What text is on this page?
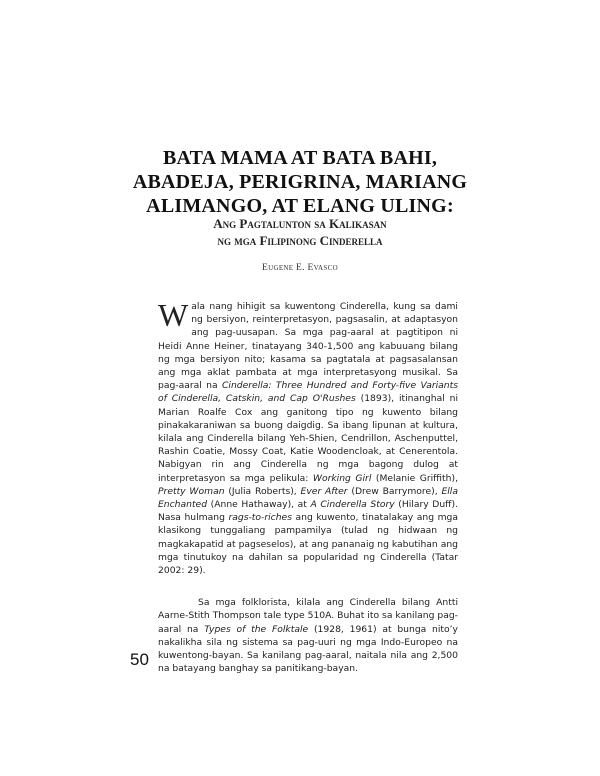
BATA MAMA AT BATA BAHI,
ABADEJA, PERIGRINA, MARIANG
ALIMANGO, AT ELANG ULING:
Ang Pagtalunton sa Kalikasan
ng mga Filipinong Cinderella
Eugene E. Evasco

Wala nang hihigit sa kuwentong Cinderella, kung sa dami ng bersiyon, reinterpretasyon, pagsasalin, at adaptasyon ang pag-uusapan. Sa mga pag-aaral at pagtitipon ni Heidi Anne Heiner, tinatayang 340-1,500 ang kabuuang bilang ng mga bersiyon nito; kasama sa pagtatala at pagsasalansan ang mga aklat pambata at mga interpretasyong musikal. Sa pag-aaral na Cinderella: Three Hundred and Forty-five Variants of Cinderella, Catskin, and Cap O'Rushes (1893), itinanghal ni Marian Roalfe Cox ang ganitong tipo ng kuwento bilang pinakakaraniwan sa buong daigdig. Sa ibang lipunan at kultura, kilala ang Cinderella bilang Yeh-Shien, Cendrillon, Aschenputtel, Rashin Coatie, Mossy Coat, Katie Woodencloak, at Cenerentola. Nabigyan rin ang Cinderella ng mga bagong dulog at interpretasyon sa mga pelikula: Working Girl (Melanie Griffith), Pretty Woman (Julia Roberts), Ever After (Drew Barrymore), Ella Enchanted (Anne Hathaway), at A Cinderella Story (Hilary Duff). Nasa hulmang rags-to-riches ang kuwento, tinatalakay ang mga klasikong tunggaliang pampamilya (tulad ng hidwaan ng magkakapatid at pagseselos), at ang pananaig ng kabutihan ang mga tinutukoy na dahilan sa popularidad ng Cinderella (Tatar 2002: 29).

Sa mga folklorista, kilala ang Cinderella bilang Antti Aarne-Stith Thompson tale type 510A. Buhat ito sa kanilang pag-aaral na Types of the Folktale (1928, 1961) at bunga nito’y nakalikha sila ng sistema sa pag-uuri ng mga Indo-Europeo na kuwentong-bayan. Sa kanilang pag-aaral, naitala nila ang 2,500 na batayang banghay sa panitikang-bayan.

50
